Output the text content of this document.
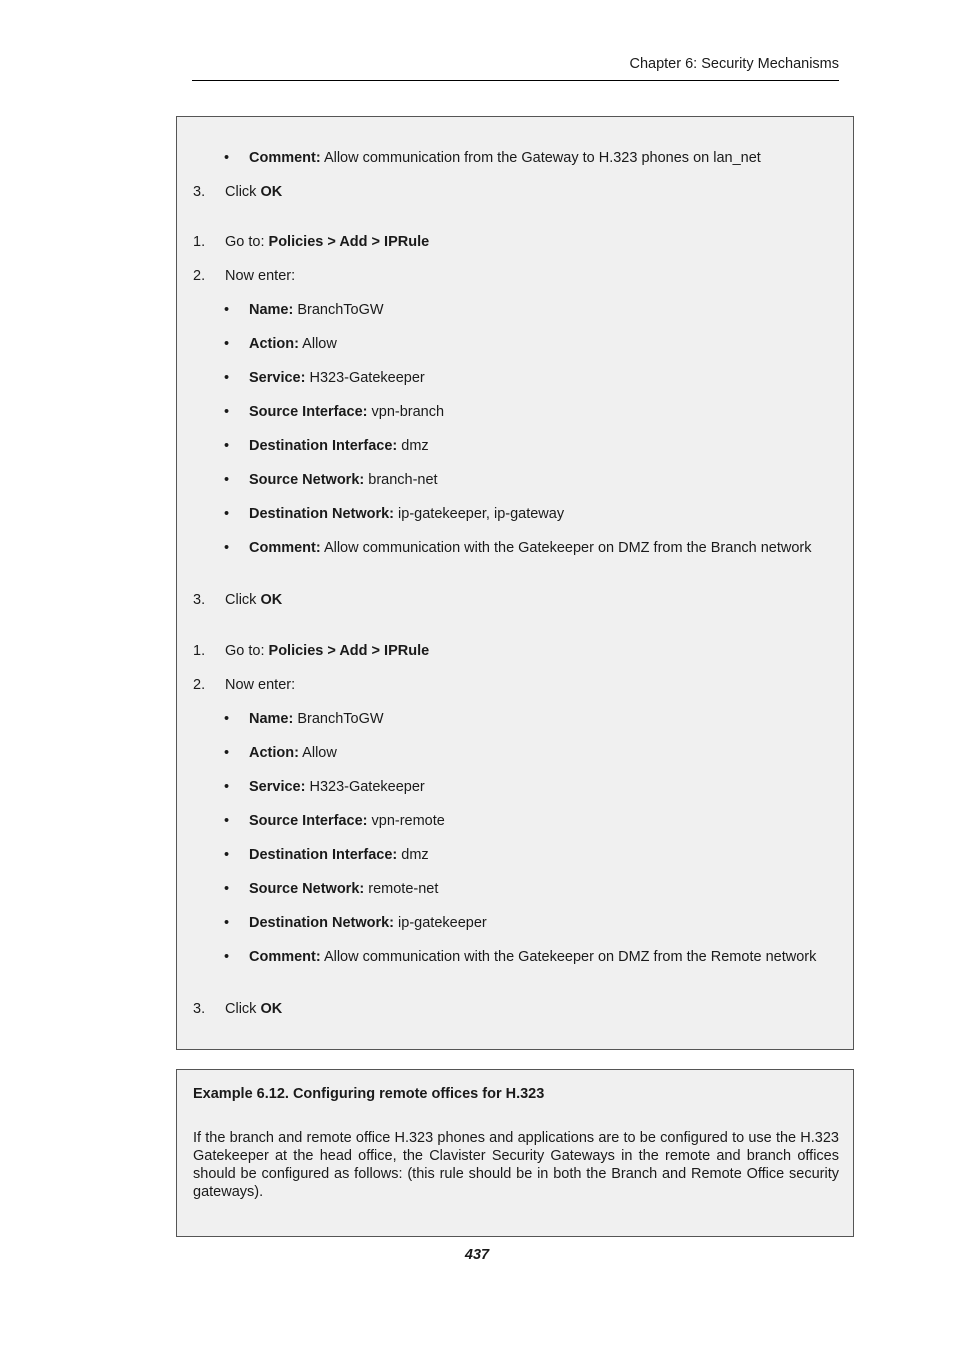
Chapter 6: Security Mechanisms
• Comment: Allow communication from the Gateway to H.323 phones on lan_net
3. Click OK
1. Go to: Policies > Add > IPRule
2. Now enter:
• Name: BranchToGW
• Action: Allow
• Service: H323-Gatekeeper
• Source Interface: vpn-branch
• Destination Interface: dmz
• Source Network: branch-net
• Destination Network: ip-gatekeeper, ip-gateway
• Comment: Allow communication with the Gatekeeper on DMZ from the Branch network
3. Click OK
1. Go to: Policies > Add > IPRule
2. Now enter:
• Name: BranchToGW
• Action: Allow
• Service: H323-Gatekeeper
• Source Interface: vpn-remote
• Destination Interface: dmz
• Source Network: remote-net
• Destination Network: ip-gatekeeper
• Comment: Allow communication with the Gatekeeper on DMZ from the Remote network
3. Click OK
Example 6.12. Configuring remote offices for H.323
If the branch and remote office H.323 phones and applications are to be configured to use the H.323 Gatekeeper at the head office, the Clavister Security Gateways in the remote and branch offices should be configured as follows: (this rule should be in both the Branch and Remote Office security gateways).
437
